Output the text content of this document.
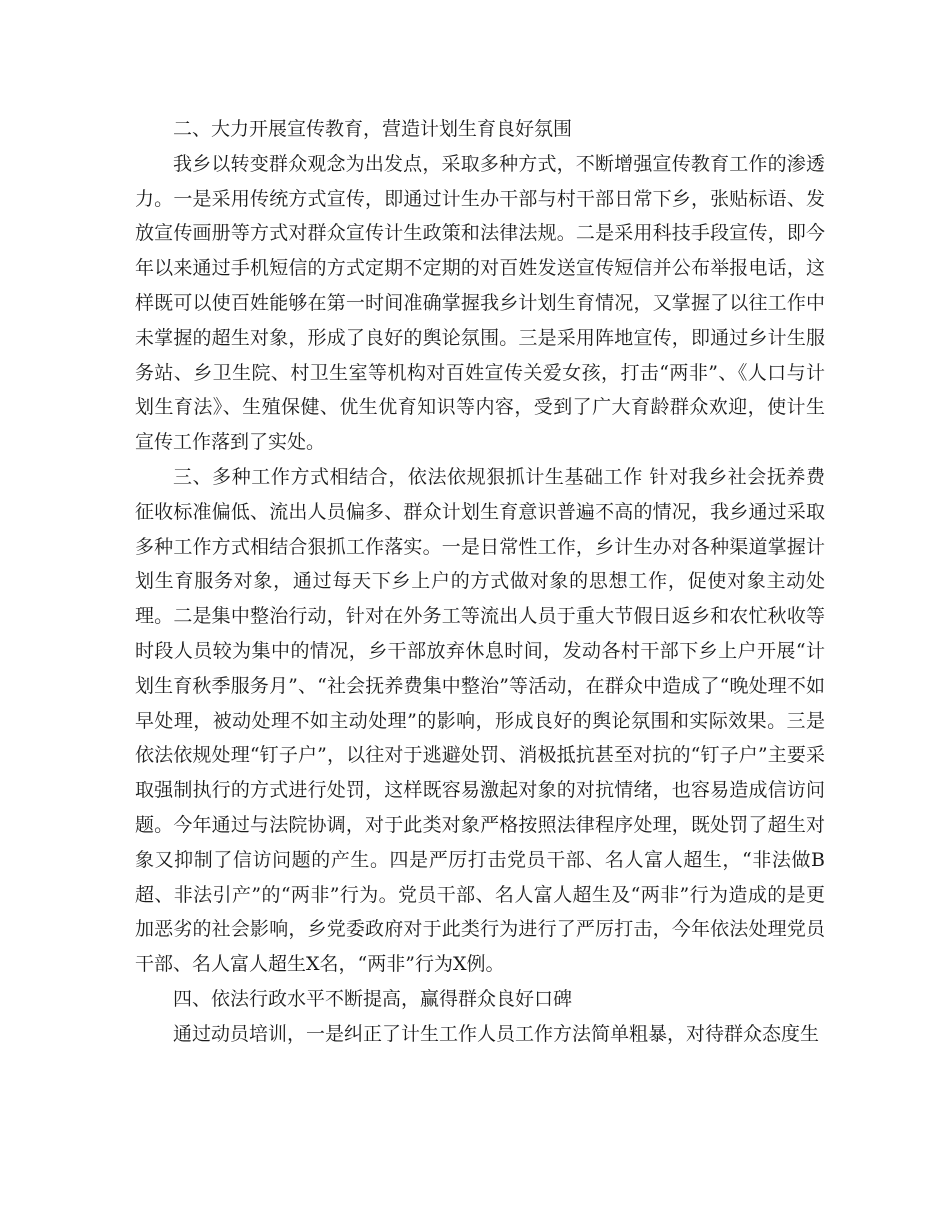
二、大力开展宣传教育，营造计划生育良好氛围

我乡以转变群众观念为出发点，采取多种方式，不断增强宣传教育工作的渗透力。一是采用传统方式宣传，即通过计生办干部与村干部日常下乡，张贴标语、发放宣传画册等方式对群众宣传计生政策和法律法规。二是采用科技手段宣传，即今年以来通过手机短信的方式定期不定期的对百姓发送宣传短信并公布举报电话，这样既可以使百姓能够在第一时间准确掌握我乡计划生育情况，又掌握了以往工作中未掌握的超生对象，形成了良好的舆论氛围。三是采用阵地宣传，即通过乡计生服务站、乡卫生院、村卫生室等机构对百姓宣传关爱女孩，打击“两非”、《人口与计划生育法》、生殖保健、优生优育知识等内容，受到了广大育龄群众欢迎，使计生宣传工作落到了实处。

三、多种工作方式相结合，依法依规狠抓计生基础工作 针对我乡社会抚养费征收标准偏低、流出人员偏多、群众计划生育意识普遍不高的情况，我乡通过采取多种工作方式相结合狠抓工作落实。一是日常性工作，乡计生办对各种渠道掌握计划生育服务对象，通过每天下乡上户的方式做对象的思想工作，促使对象主动处理。二是集中整治行动，针对在外务工等流出人员于重大节假日返乡和农忙秋收等时段人员较为集中的情况，乡干部放弃休息时间，发动各村干部下乡上户开展“计划生育秋季服务月”、“社会抚养费集中整治”等活动，在群众中造成了“晚处理不如早处理，被动处理不如主动处理”的影响，形成良好的舆论氛围和实际效果。三是依法依规处理“钉子户”，以往对于逃避处罚、消极抵抗甚至对抗的“钉子户”主要采取强制执行的方式进行处罚，这样既容易激起对象的对抗情绪，也容易造成信访问题。今年通过与法院协调，对于此类对象严格按照法律程序处理，既处罚了超生对象又抑制了信访问题的产生。四是严厉打击党员干部、名人富人超生，“非法做B超、非法引产”的“两非”行为。党员干部、名人富人超生及“两非”行为造成的是更加恶劣的社会影响，乡党委政府对于此类行为进行了严厉打击，今年依法处理党员干部、名人富人超生X名，“两非”行为X例。

四、依法行政水平不断提高，赢得群众良好口碑

通过动员培训，一是纠正了计生工作人员工作方法简单粗暴，对待群众态度生
